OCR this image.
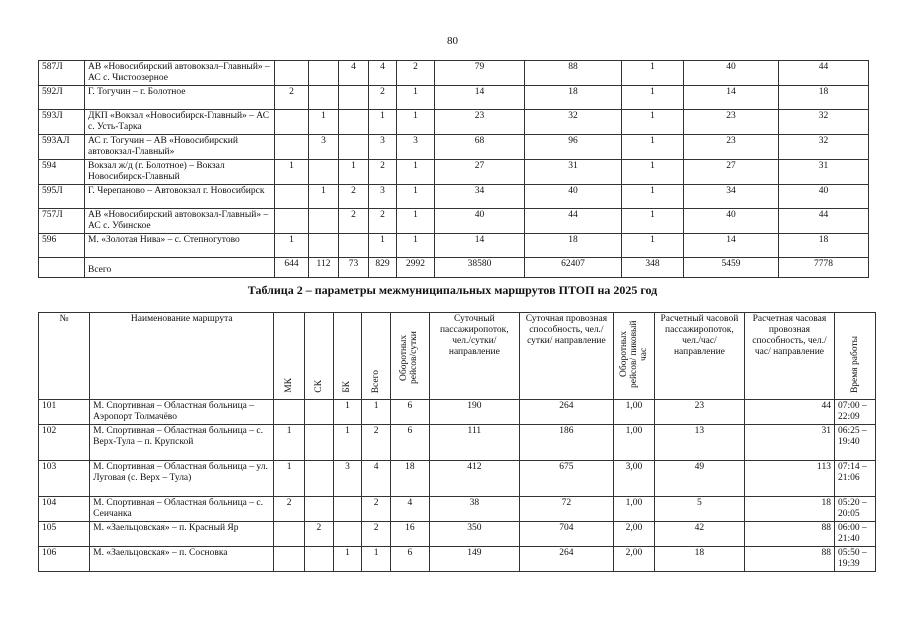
80
587Л	АВ «Новосибирский автовокзал–Главный» – АС с. Чистоозерное			4	4	2	79	88	1	40	44
592Л	Г. Тогучин – г. Болотное	2			2	1	14	18	1	14	18
593Л	ДКП «Вокзал «Новосибирск-Главный» – АС с. Усть-Тарка		1		1	1	23	32	1	23	32
593АЛ	АС г. Тогучин – АВ «Новосибирский автовокзал-Главный»		3		3	3	68	96	1	23	32
594	Вокзал ж/д (г. Болотное) – Вокзал Новосибирск-Главный	1		1	2	1	27	31	1	27	31
595Л	Г. Черепаново – Автовокзал г. Новосибирск		1	2	3	1	34	40	1	34	40
757Л	АВ «Новосибирский автовокзал-Главный» – АС с. Убинское			2	2	1	40	44	1	40	44
596	М. «Золотая Нива» – с. Степногутово	1			1	1	14	18	1	14	18
	Всего	644	112	73	829	2992	38580	62407	348	5459	7778
Таблица 2 – параметры межмуниципальных маршрутов ПТОП на 2025 год
№	Наименование маршрута	МК	СК	БК	Всего	Оборотных рейсов/сутки	Суточный пассажиропоток, чел./сутки/ направление	Суточная провозная способность, чел./сутки/ направление	Оборотных рейсов/ пиковый час	Расчетный часовой пассажиропоток, чел./час/ направление	Расчетная часовая провозная способность, чел./час/ направление	Время работы
101	М. Спортивная – Областная больница – Аэропорт Толмачёво			1	1	6	190	264	1,00	23	44	07:00 – 22:09
102	М. Спортивная – Областная больница – с. Верх-Тула – п. Крупской	1		1	2	6	111	186	1,00	13	31	06:25 – 19:40
103	М. Спортивная – Областная больница – ул. Луговая (с. Верх – Тула)	1		3	4	18	412	675	3,00	49	113	07:14 – 21:06
104	М. Спортивная – Областная больница – с. Сеичанка	2			2	4	38	72	1,00	5	18	05:20 – 20:05
105	М. «Заельцовская» – п. Красный Яр		2		2	16	350	704	2,00	42	88	06:00 – 21:40
106	М. «Заельцовская» – п. Сосновка			1	1	6	149	264	2,00	18	88	05:50 – 19:39
